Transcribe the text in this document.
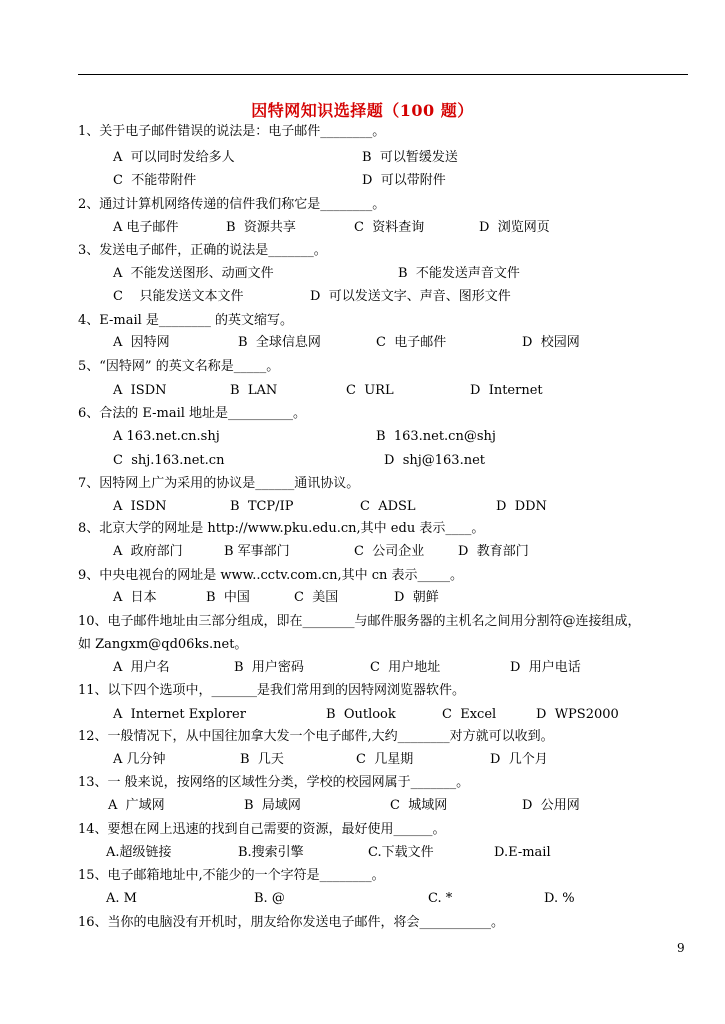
因特网知识选择题（100 题）
1、关于电子邮件错误的说法是：电子邮件________。
A  可以同时发给多人	B  可以暂缓发送
C  不能带附件	D  可以带附件
2、通过计算机网络传递的信件我们称它是________。
A 电子邮件	B  资源共享	C  资料查询	D  浏览网页
3、发送电子邮件，正确的说法是_______。
A  不能发送图形、动画文件	B  不能发送声音文件
C    只能发送文本文件	D  可以发送文字、声音、图形文件
4、E-mail 是________ 的英文缩写。
A  因特网	B  全球信息网	C  电子邮件	D  校园网
5、“因特网” 的英文名称是_____。
A  ISDN	B  LAN	C  URL	D  Internet
6、合法的 E-mail 地址是__________。
A 163.net.cn.shj	B  163.net.cn@shj
C  shj.163.net.cn	D  shj@163.net
7、因特网上广为采用的协议是______通讯协议。
A  ISDN	B  TCP/IP	C  ADSL	D  DDN
8、北京大学的网址是 http://www.pku.edu.cn,其中 edu 表示____。
A  政府部门	B 军事部门	C  公司企业	D  教育部门
9、中央电视台的网址是 www..cctv.com.cn,其中 cn 表示_____。
A  日本	B  中国	C  美国	D  朝鲜
10、电子邮件地址由三部分组成，即在________与邮件服务器的主机名之间用分割符@连接组成，
如 Zangxm@qd06ks.net。
A  用户名	B  用户密码	C  用户地址	D  用户电话
11、以下四个选项中，_______是我们常用到的因特网浏览器软件。
A  Internet Explorer	B  Outlook	C  Excel	D  WPS2000
12、一般情况下，从中国往加拿大发一个电子邮件,大约________对方就可以收到。
A 几分钟	B  几天	C  几星期	D  几个月
13、一 般来说，按网络的区域性分类，学校的校园网属于_______。
A  广域网	B  局域网	C  城域网	D  公用网
14、要想在网上迅速的找到自己需要的资源，最好使用______。
A.超级链接	B.搜索引擎	C.下载文件	D.E-mail
15、电子邮箱地址中,不能少的一个字符是________。
A. M	B. @	C. *	D. %
16、当你的电脑没有开机时，朋友给你发送电子邮件，将会___________。
9
